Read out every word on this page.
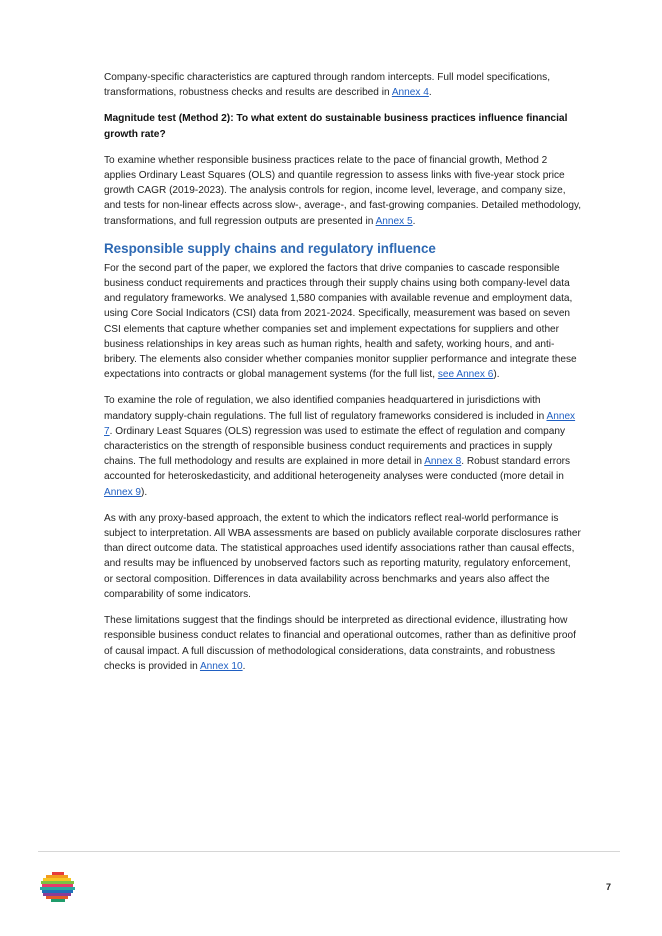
Company-specific characteristics are captured through random intercepts. Full model specifications, transformations, robustness checks and results are described in Annex 4.

Magnitude test (Method 2): To what extent do sustainable business practices influence financial growth rate?

To examine whether responsible business practices relate to the pace of financial growth, Method 2 applies Ordinary Least Squares (OLS) and quantile regression to assess links with five-year stock price growth CAGR (2019-2023). The analysis controls for region, income level, leverage, and company size, and tests for non-linear effects across slow-, average-, and fast-growing companies. Detailed methodology, transformations, and full regression outputs are presented in Annex 5.

Responsible supply chains and regulatory influence

For the second part of the paper, we explored the factors that drive companies to cascade responsible business conduct requirements and practices through their supply chains using both company-level data and regulatory frameworks. We analysed 1,580 companies with available revenue and employment data, using Core Social Indicators (CSI) data from 2021-2024. Specifically, measurement was based on seven CSI elements that capture whether companies set and implement expectations for suppliers and other business relationships in key areas such as human rights, health and safety, working hours, and anti-bribery. The elements also consider whether companies monitor supplier performance and integrate these expectations into contracts or global management systems (for the full list, see Annex 6).

To examine the role of regulation, we also identified companies headquartered in jurisdictions with mandatory supply-chain regulations. The full list of regulatory frameworks considered is included in Annex 7. Ordinary Least Squares (OLS) regression was used to estimate the effect of regulation and company characteristics on the strength of responsible business conduct requirements and practices in supply chains. The full methodology and results are explained in more detail in Annex 8. Robust standard errors accounted for heteroskedasticity, and additional heterogeneity analyses were conducted (more detail in Annex 9).

As with any proxy-based approach, the extent to which the indicators reflect real-world performance is subject to interpretation. All WBA assessments are based on publicly available corporate disclosures rather than direct outcome data. The statistical approaches used identify associations rather than causal effects, and results may be influenced by unobserved factors such as reporting maturity, regulatory enforcement, or sectoral composition. Differences in data availability across benchmarks and years also affect the comparability of some indicators.

These limitations suggest that the findings should be interpreted as directional evidence, illustrating how responsible business conduct relates to financial and operational outcomes, rather than as definitive proof of causal impact. A full discussion of methodological considerations, data constraints, and robustness checks is provided in Annex 10.

7
